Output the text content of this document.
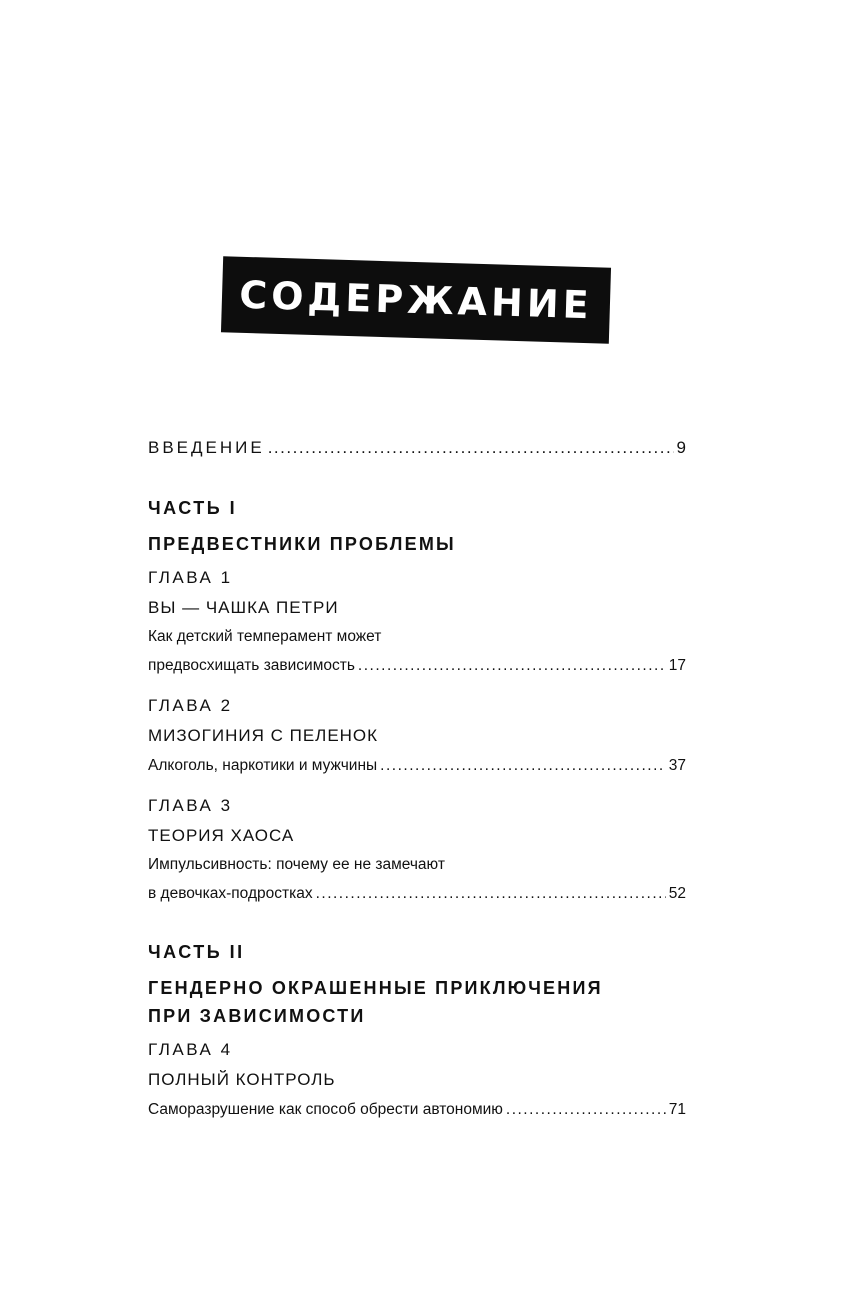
СОДЕРЖАНИЕ
ВВЕДЕНИЕ .....	9
ЧАСТЬ I
ПРЕДВЕСТНИКИ ПРОБЛЕМЫ
ГЛАВА 1
ВЫ — ЧАШКА ПЕТРИ
Как детский темперамент может
предвосхищать зависимость .....	17
ГЛАВА 2
МИЗОГИНИЯ С ПЕЛЕНОК
Алкоголь, наркотики и мужчины .....	37
ГЛАВА 3
ТЕОРИЯ ХАОСА
Импульсивность: почему ее не замечают
в девочках-подростках .....	52
ЧАСТЬ II
ГЕНДЕРНО ОКРАШЕННЫЕ ПРИКЛЮЧЕНИЯ
ПРИ ЗАВИСИМОСТИ
ГЛАВА 4
ПОЛНЫЙ КОНТРОЛЬ
Саморазрушение как способ обрести автономию .....	71
